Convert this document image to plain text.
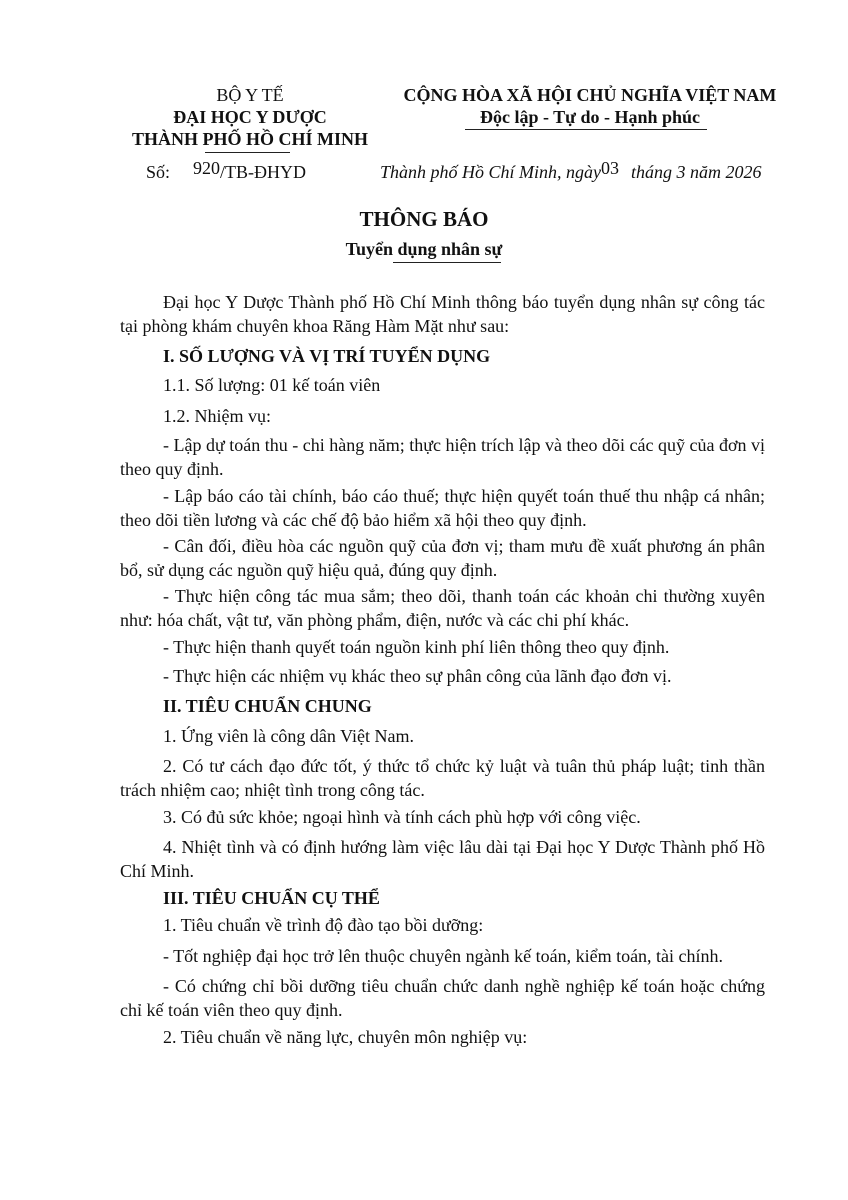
BỘ Y TẾ
ĐẠI HỌC Y DƯỢC
THÀNH PHỐ HỒ CHÍ MINH
Số: 920/TB-ĐHYD
CỘNG HÒA XÃ HỘI CHỦ NGHĨA VIỆT NAM
Độc lập - Tự do - Hạnh phúc
Thành phố Hồ Chí Minh, ngày03 tháng 3 năm 2026
THÔNG BÁO
Tuyển dụng nhân sự
Đại học Y Dược Thành phố Hồ Chí Minh thông báo tuyển dụng nhân sự công tác tại phòng khám chuyên khoa Răng Hàm Mặt như sau:
I. SỐ LƯỢNG VÀ VỊ TRÍ TUYỂN DỤNG
1.1. Số lượng: 01 kế toán viên
1.2. Nhiệm vụ:
- Lập dự toán thu - chi hàng năm; thực hiện trích lập và theo dõi các quỹ của đơn vị theo quy định.
- Lập báo cáo tài chính, báo cáo thuế; thực hiện quyết toán thuế thu nhập cá nhân; theo dõi tiền lương và các chế độ bảo hiểm xã hội theo quy định.
- Cân đối, điều hòa các nguồn quỹ của đơn vị; tham mưu đề xuất phương án phân bổ, sử dụng các nguồn quỹ hiệu quả, đúng quy định.
- Thực hiện công tác mua sắm; theo dõi, thanh toán các khoản chi thường xuyên như: hóa chất, vật tư, văn phòng phẩm, điện, nước và các chi phí khác.
- Thực hiện thanh quyết toán nguồn kinh phí liên thông theo quy định.
- Thực hiện các nhiệm vụ khác theo sự phân công của lãnh đạo đơn vị.
II. TIÊU CHUẨN CHUNG
1. Ứng viên là công dân Việt Nam.
2. Có tư cách đạo đức tốt, ý thức tổ chức kỷ luật và tuân thủ pháp luật; tinh thần trách nhiệm cao; nhiệt tình trong công tác.
3. Có đủ sức khỏe; ngoại hình và tính cách phù hợp với công việc.
4. Nhiệt tình và có định hướng làm việc lâu dài tại Đại học Y Dược Thành phố Hồ Chí Minh.
III. TIÊU CHUẨN CỤ THỂ
1. Tiêu chuẩn về trình độ đào tạo bồi dưỡng:
- Tốt nghiệp đại học trở lên thuộc chuyên ngành kế toán, kiểm toán, tài chính.
- Có chứng chỉ bồi dưỡng tiêu chuẩn chức danh nghề nghiệp kế toán hoặc chứng chỉ kế toán viên theo quy định.
2. Tiêu chuẩn về năng lực, chuyên môn nghiệp vụ:
